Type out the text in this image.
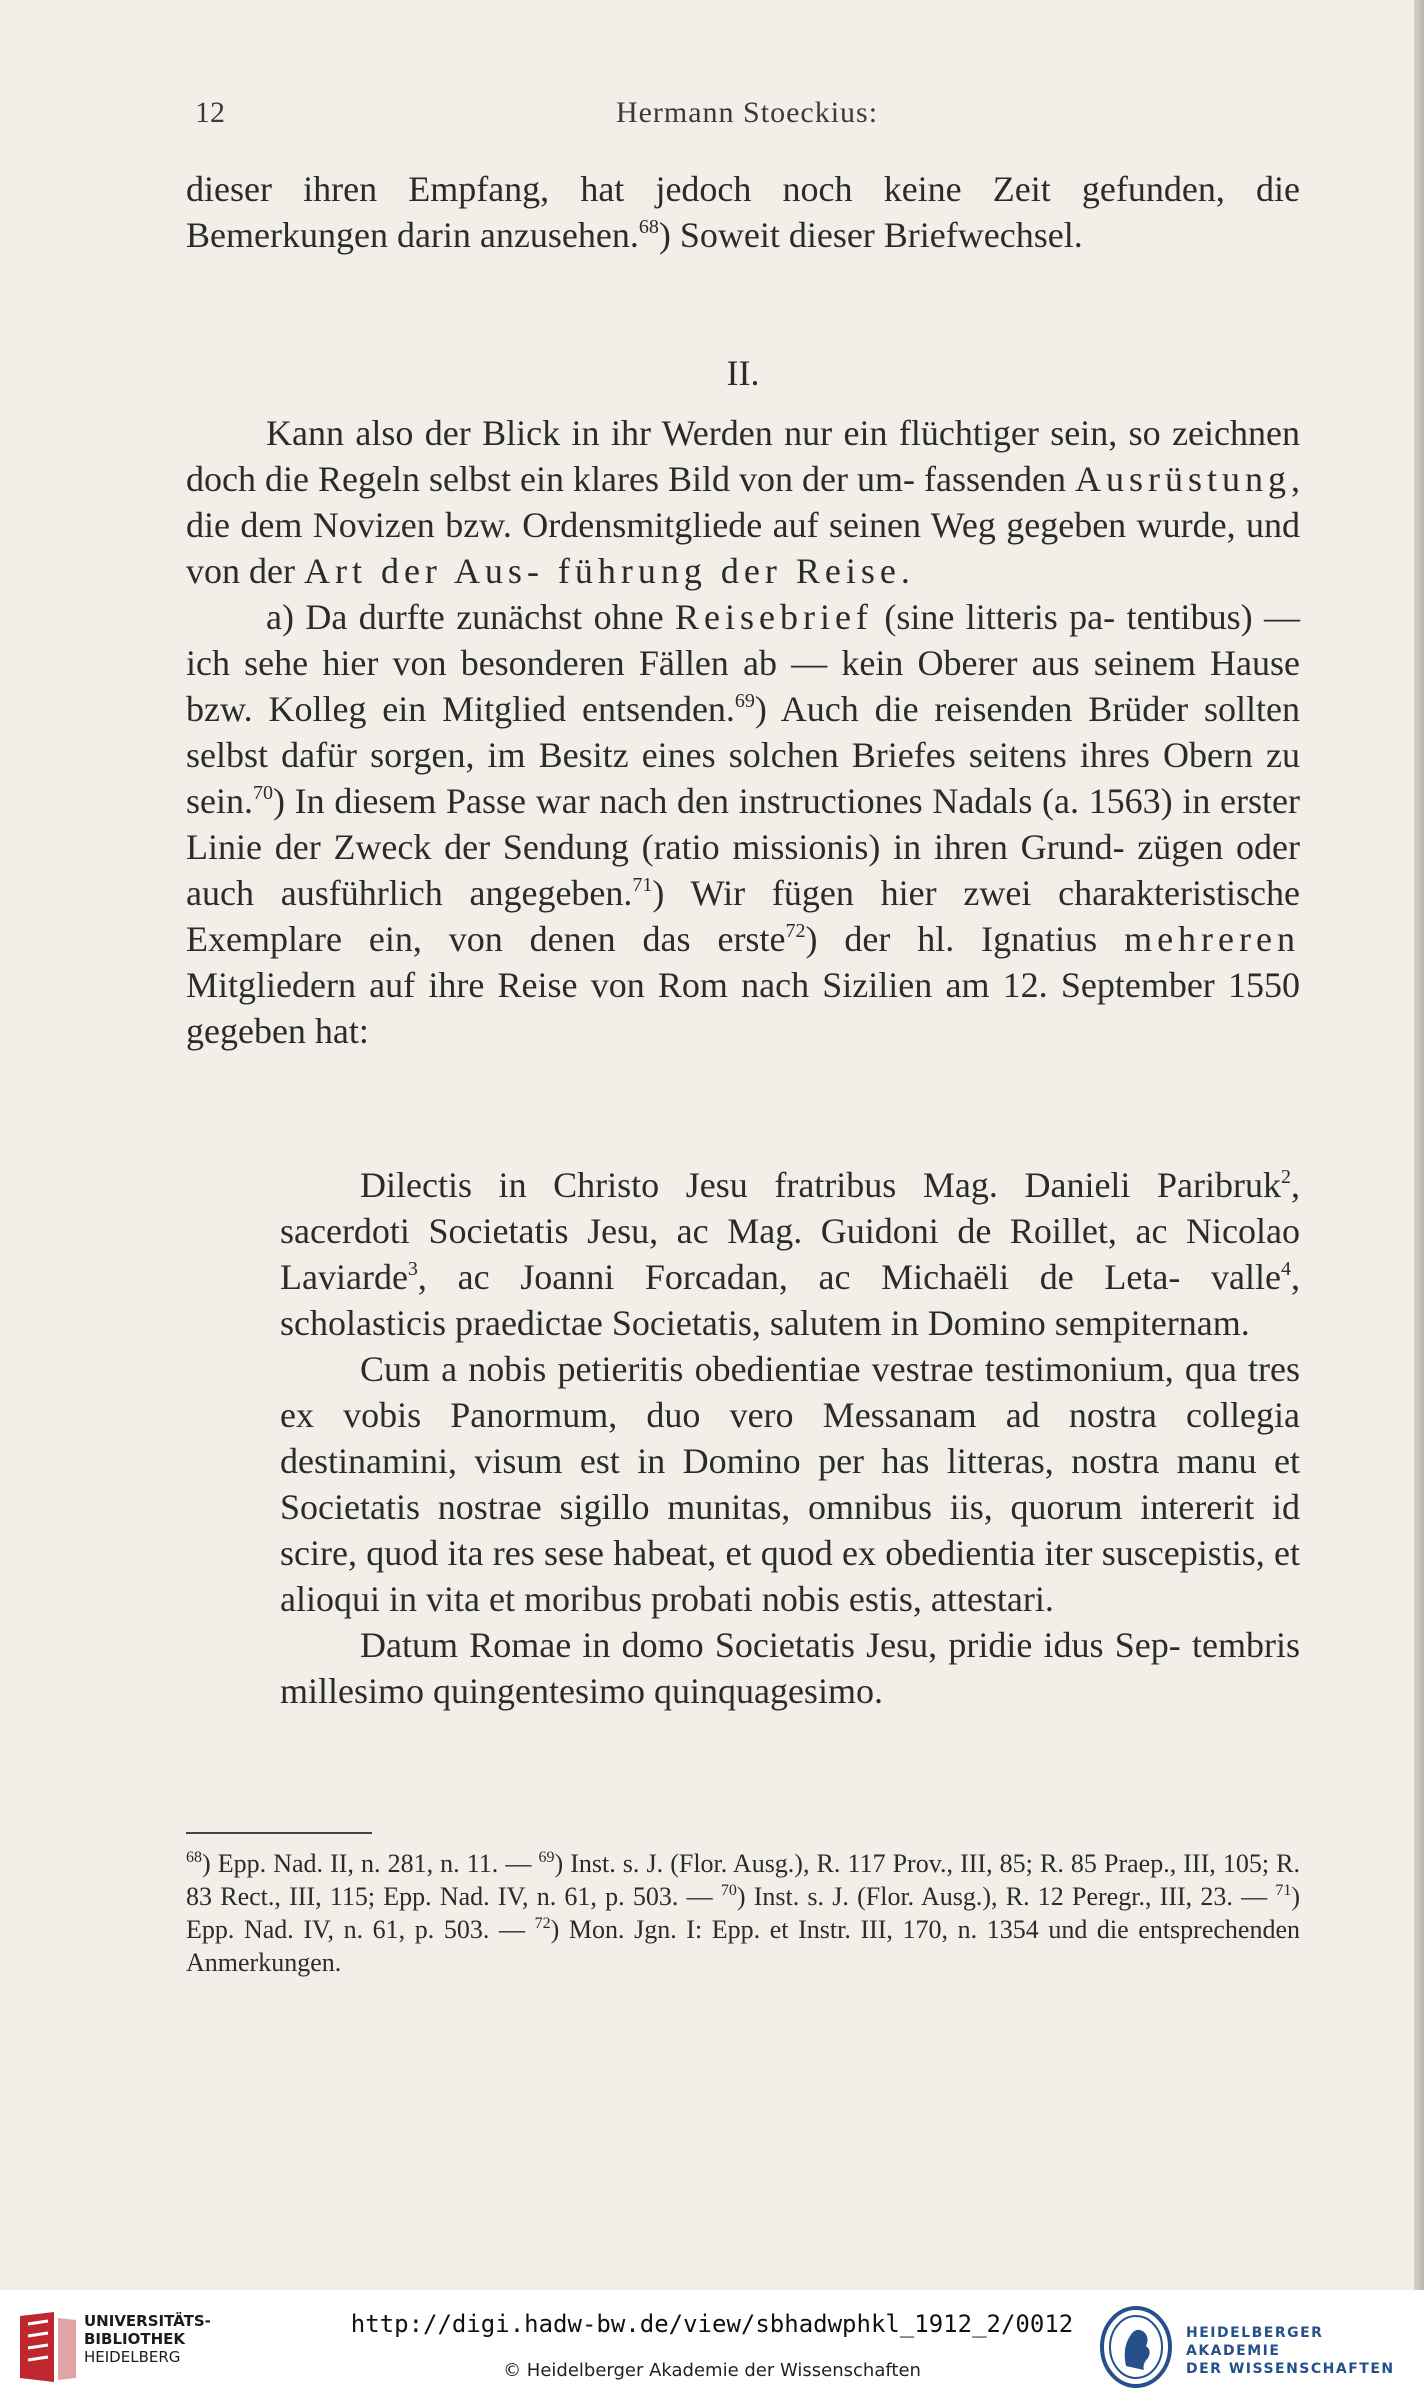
12	Hermann Stoeckius:

dieser ihren Empfang, hat jedoch noch keine Zeit gefunden, die Bemerkungen darin anzusehen.$^{68}$) Soweit dieser Briefwechsel.

II.

Kann also der Blick in ihr Werden nur ein flüchtiger sein, so zeichnen doch die Regeln selbst ein klares Bild von der um- fassenden Ausrüstung, die dem Novizen bzw. Ordensmitgliede auf seinen Weg gegeben wurde, und von der Art der Aus- führung der Reise.

a) Da durfte zunächst ohne Reisebrief (sine litteris pa- tentibus) — ich sehe hier von besonderen Fällen ab — kein Oberer aus seinem Hause bzw. Kolleg ein Mitglied entsenden.$^{69}$) Auch die reisenden Brüder sollten selbst dafür sorgen, im Besitz eines solchen Briefes seitens ihres Obern zu sein.$^{70}$) In diesem Passe war nach den instructiones Nadals (a. 1563) in erster Linie der Zweck der Sendung (ratio missionis) in ihren Grund- zügen oder auch ausführlich angegeben.$^{71}$) Wir fügen hier zwei charakteristische Exemplare ein, von denen das erste$^{72}$) der hl. Ignatius mehreren Mitgliedern auf ihre Reise von Rom nach Sizilien am 12. September 1550 gegeben hat:

Dilectis in Christo Jesu fratribus Mag. Danieli Paribruk$^2$, sacerdoti Societatis Jesu, ac Mag. Guidoni de Roillet, ac Nicolao Laviarde$^3$, ac Joanni Forcadan, ac Michaëli de Leta- valle$^4$, scholasticis praedictae Societatis, salutem in Domino sempiternam.

Cum a nobis petieritis obedientiae vestrae testimonium, qua tres ex vobis Panormum, duo vero Messanam ad nostra collegia destinamini, visum est in Domino per has litteras, nostra manu et Societatis nostrae sigillo munitas, omnibus iis, quorum intererit id scire, quod ita res sese habeat, et quod ex obedientia iter suscepistis, et alioqui in vita et moribus probati nobis estis, attestari.

Datum Romae in domo Societatis Jesu, pridie idus Sep- tembris millesimo quingentesimo quinquagesimo.

$^{68}$) Epp. Nad. II, n. 281, n. 11. — $^{69}$) Inst. s. J. (Flor. Ausg.), R. 117 Prov., III, 85; R. 85 Praep., III, 105; R. 83 Rect., III, 115; Epp. Nad. IV, n. 61, p. 503. — $^{70}$) Inst. s. J. (Flor. Ausg.), R. 12 Peregr., III, 23. — $^{71}$) Epp. Nad. IV, n. 61, p. 503. — $^{72}$) Mon. Jgn. I: Epp. et Instr. III, 170, n. 1354 und die entsprechenden Anmerkungen.
UNIVERSITÄTS-
BIBLIOTHEK
HEIDELBERG
http://digi.hadw-bw.de/view/sbhadwphkl_1912_2/0012
© Heidelberger Akademie der Wissenschaften
HEIDELBERGER AKADEMIE
DER WISSENSCHAFTEN
